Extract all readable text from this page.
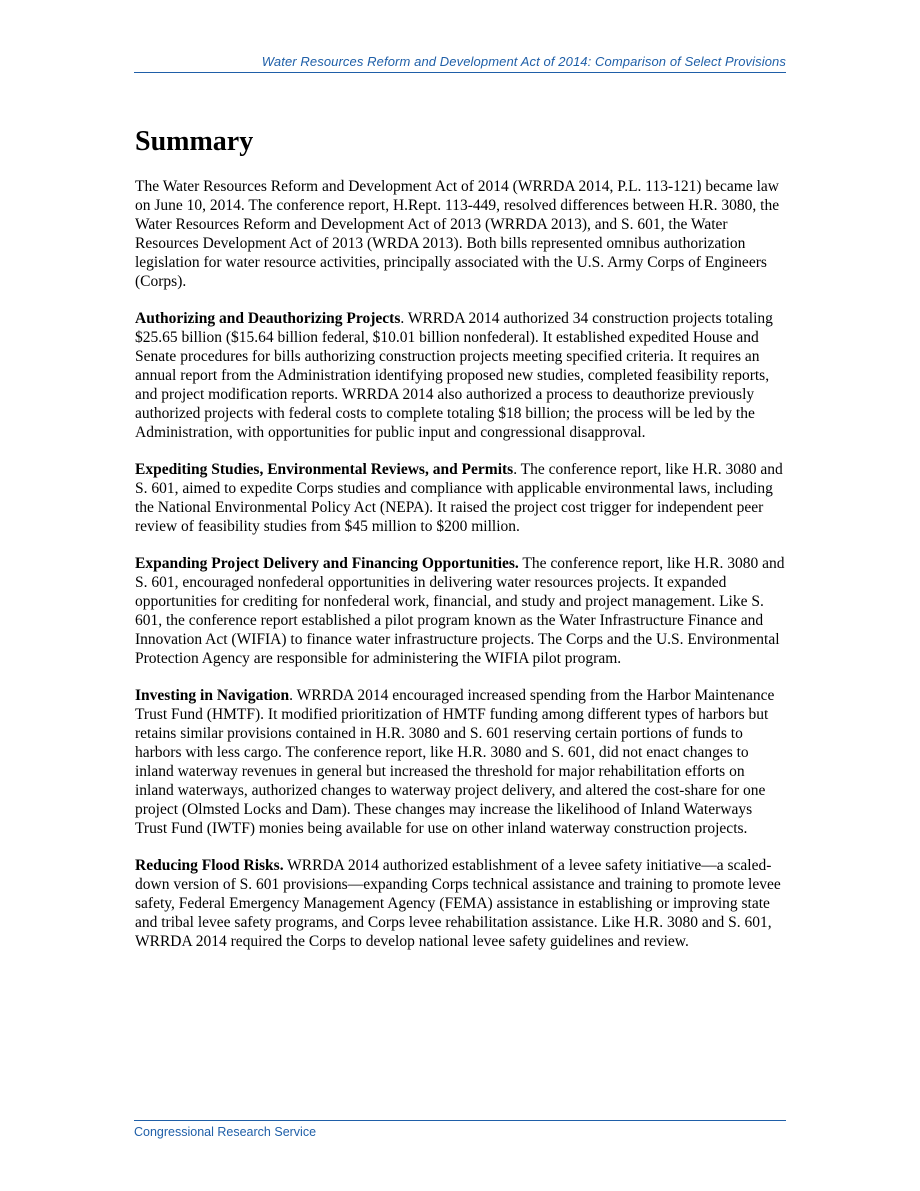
Water Resources Reform and Development Act of 2014: Comparison of Select Provisions
Summary

The Water Resources Reform and Development Act of 2014 (WRRDA 2014, P.L. 113-121) became law on June 10, 2014. The conference report, H.Rept. 113-449, resolved differences between H.R. 3080, the Water Resources Reform and Development Act of 2013 (WRRDA 2013), and S. 601, the Water Resources Development Act of 2013 (WRDA 2013). Both bills represented omnibus authorization legislation for water resource activities, principally associated with the U.S. Army Corps of Engineers (Corps).

Authorizing and Deauthorizing Projects. WRRDA 2014 authorized 34 construction projects totaling $25.65 billion ($15.64 billion federal, $10.01 billion nonfederal). It established expedited House and Senate procedures for bills authorizing construction projects meeting specified criteria. It requires an annual report from the Administration identifying proposed new studies, completed feasibility reports, and project modification reports. WRRDA 2014 also authorized a process to deauthorize previously authorized projects with federal costs to complete totaling $18 billion; the process will be led by the Administration, with opportunities for public input and congressional disapproval.

Expediting Studies, Environmental Reviews, and Permits. The conference report, like H.R. 3080 and S. 601, aimed to expedite Corps studies and compliance with applicable environmental laws, including the National Environmental Policy Act (NEPA). It raised the project cost trigger for independent peer review of feasibility studies from $45 million to $200 million.

Expanding Project Delivery and Financing Opportunities. The conference report, like H.R. 3080 and S. 601, encouraged nonfederal opportunities in delivering water resources projects. It expanded opportunities for crediting for nonfederal work, financial, and study and project management. Like S. 601, the conference report established a pilot program known as the Water Infrastructure Finance and Innovation Act (WIFIA) to finance water infrastructure projects. The Corps and the U.S. Environmental Protection Agency are responsible for administering the WIFIA pilot program.

Investing in Navigation. WRRDA 2014 encouraged increased spending from the Harbor Maintenance Trust Fund (HMTF). It modified prioritization of HMTF funding among different types of harbors but retains similar provisions contained in H.R. 3080 and S. 601 reserving certain portions of funds to harbors with less cargo. The conference report, like H.R. 3080 and S. 601, did not enact changes to inland waterway revenues in general but increased the threshold for major rehabilitation efforts on inland waterways, authorized changes to waterway project delivery, and altered the cost-share for one project (Olmsted Locks and Dam). These changes may increase the likelihood of Inland Waterways Trust Fund (IWTF) monies being available for use on other inland waterway construction projects.

Reducing Flood Risks. WRRDA 2014 authorized establishment of a levee safety initiative—a scaled-down version of S. 601 provisions—expanding Corps technical assistance and training to promote levee safety, Federal Emergency Management Agency (FEMA) assistance in establishing or improving state and tribal levee safety programs, and Corps levee rehabilitation assistance. Like H.R. 3080 and S. 601, WRRDA 2014 required the Corps to develop national levee safety guidelines and review.

Congressional Research Service
